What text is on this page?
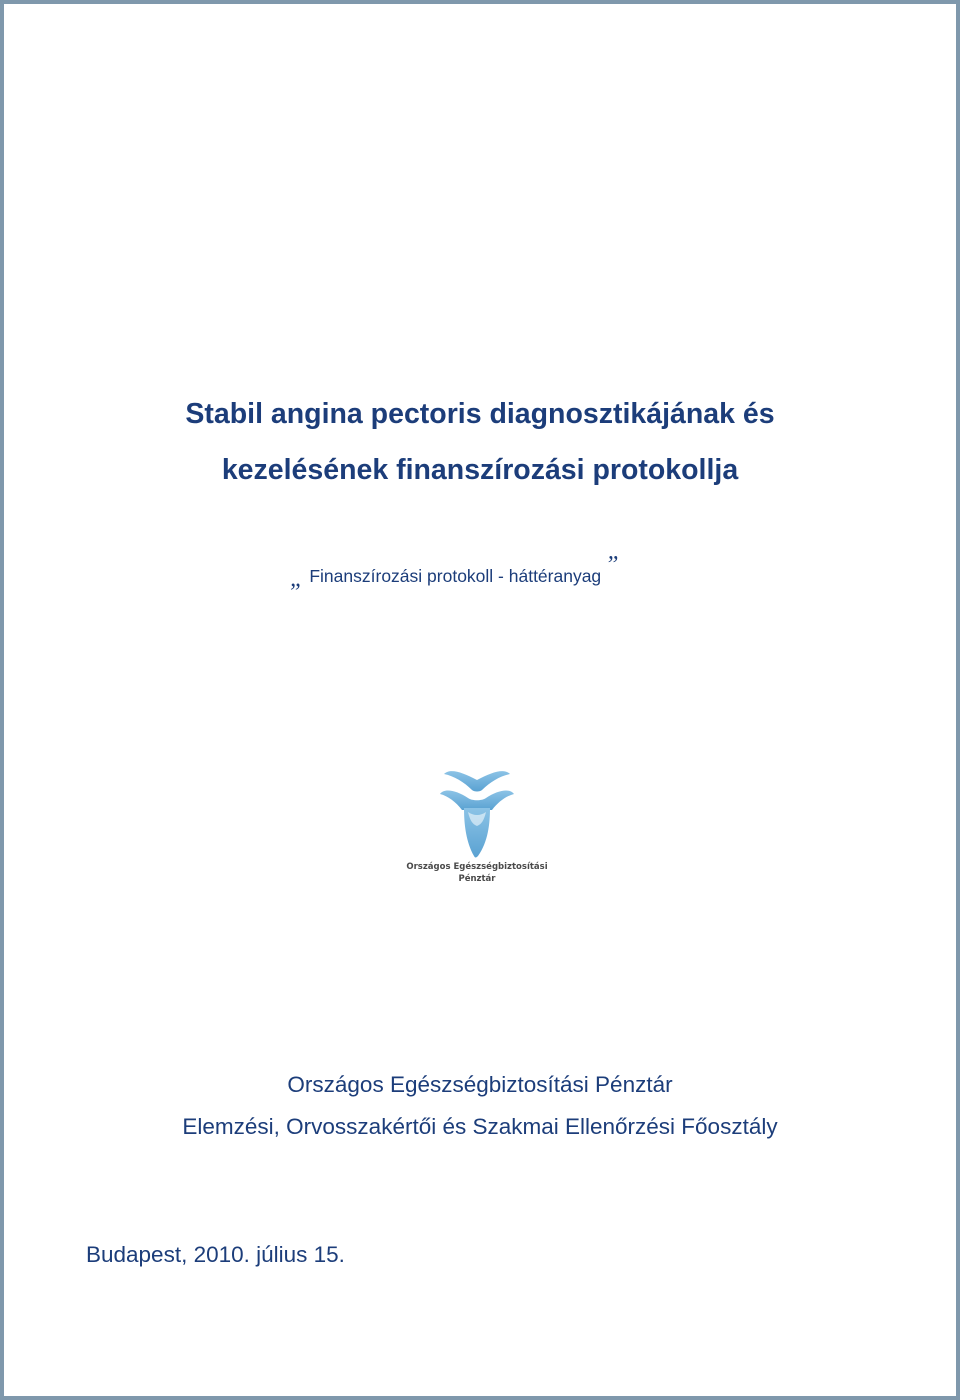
Stabil angina pectoris diagnosztikájának és
kezelésének finanszírozási protokollja
„ Finanszírozási protokoll - háttéranyag ”
Országos Egészségbiztosítási
Pénztár
Országos Egészségbiztosítási Pénztár
Elemzési, Orvosszakértői és Szakmai Ellenőrzési Főosztály
Budapest, 2010. július 15.
